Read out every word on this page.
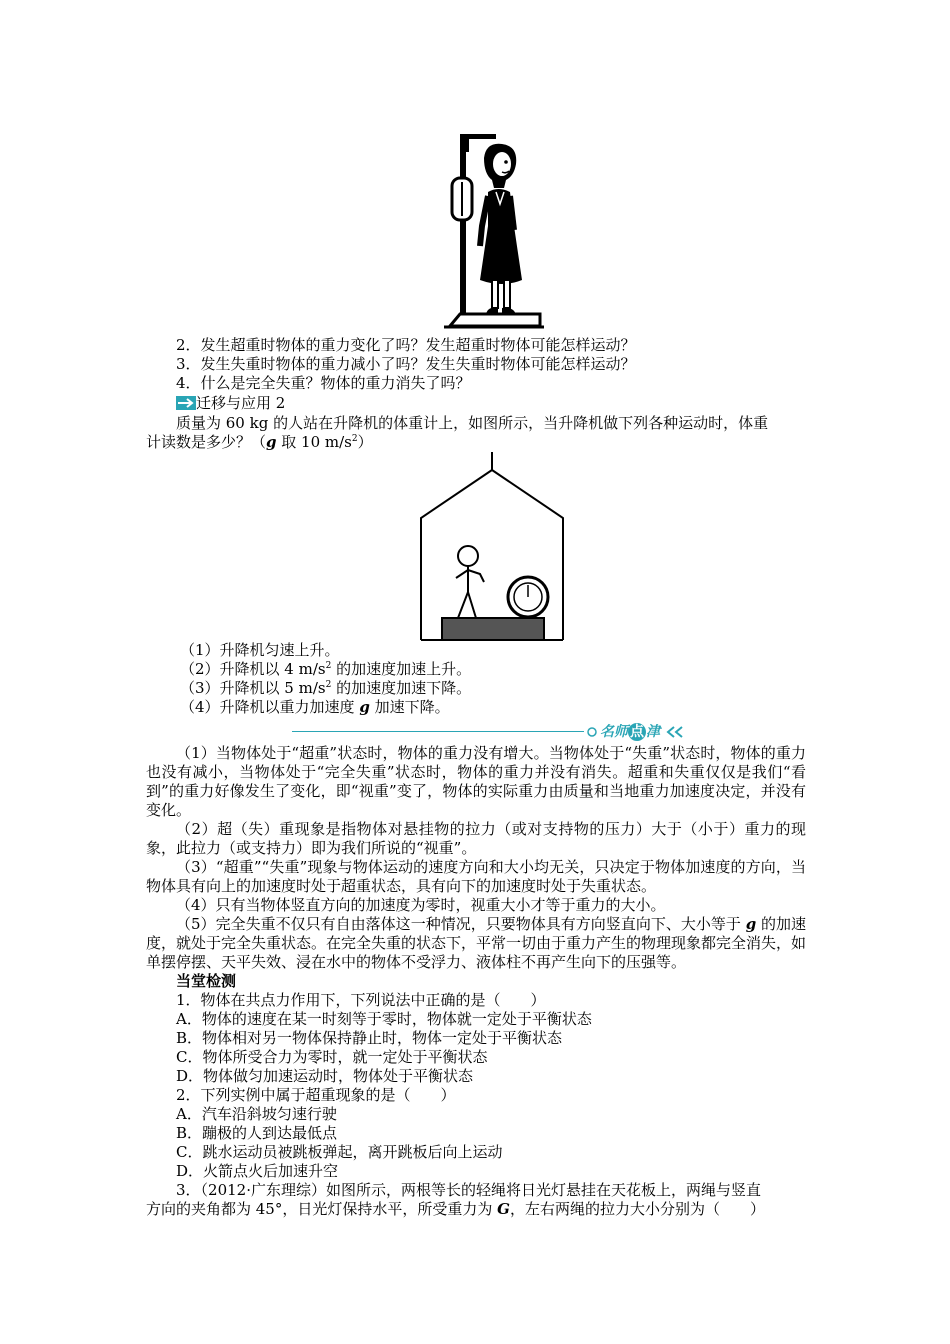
2．发生超重时物体的重力变化了吗？发生超重时物体可能怎样运动？
3．发生失重时物体的重力减小了吗？发生失重时物体可能怎样运动？
4．什么是完全失重？物体的重力消失了吗？
迁移与应用 2
质量为 60 kg 的人站在升降机的体重计上，如图所示，当升降机做下列各种运动时，体重
计读数是多少？（g 取 10 $m/s^2$）
（1）升降机匀速上升。
（2）升降机以 4 $m/s^2$ 的加速度加速上升。
（3）升降机以 5 $m/s^2$ 的加速度加速下降。
（4）升降机以重力加速度 g 加速下降。
名师 点 津
（1）当物体处于“超重”状态时，物体的重力没有增大。当物体处于“失重”状态时，物体的重力也没有减小，当物体处于“完全失重”状态时，物体的重力并没有消失。超重和失重仅仅是我们“看到”的重力好像发生了变化，即“视重”变了，物体的实际重力由质量和当地重力加速度决定，并没有变化。
（2）超（失）重现象是指物体对悬挂物的拉力（或对支持物的压力）大于（小于）重力的现象，此拉力（或支持力）即为我们所说的“视重”。
（3）“超重”“失重”现象与物体运动的速度方向和大小均无关，只决定于物体加速度的方向，当物体具有向上的加速度时处于超重状态，具有向下的加速度时处于失重状态。
（4）只有当物体竖直方向的加速度为零时，视重大小才等于重力的大小。
（5）完全失重不仅只有自由落体这一种情况，只要物体具有方向竖直向下、大小等于 g 的加速度，就处于完全失重状态。在完全失重的状态下，平常一切由于重力产生的物理现象都完全消失，如单摆停摆、天平失效、浸在水中的物体不受浮力、液体柱不再产生向下的压强等。
当堂检测
1．物体在共点力作用下，下列说法中正确的是（　　）
A．物体的速度在某一时刻等于零时，物体就一定处于平衡状态
B．物体相对另一物体保持静止时，物体一定处于平衡状态
C．物体所受合力为零时，就一定处于平衡状态
D．物体做匀加速运动时，物体处于平衡状态
2．下列实例中属于超重现象的是（　　）
A．汽车沿斜坡匀速行驶
B．蹦极的人到达最低点
C．跳水运动员被跳板弹起，离开跳板后向上运动
D．火箭点火后加速升空
3．（2012·广东理综）如图所示，两根等长的轻绳将日光灯悬挂在天花板上，两绳与竖直
方向的夹角都为 45°，日光灯保持水平，所受重力为 G，左右两绳的拉力大小分别为（　　）
